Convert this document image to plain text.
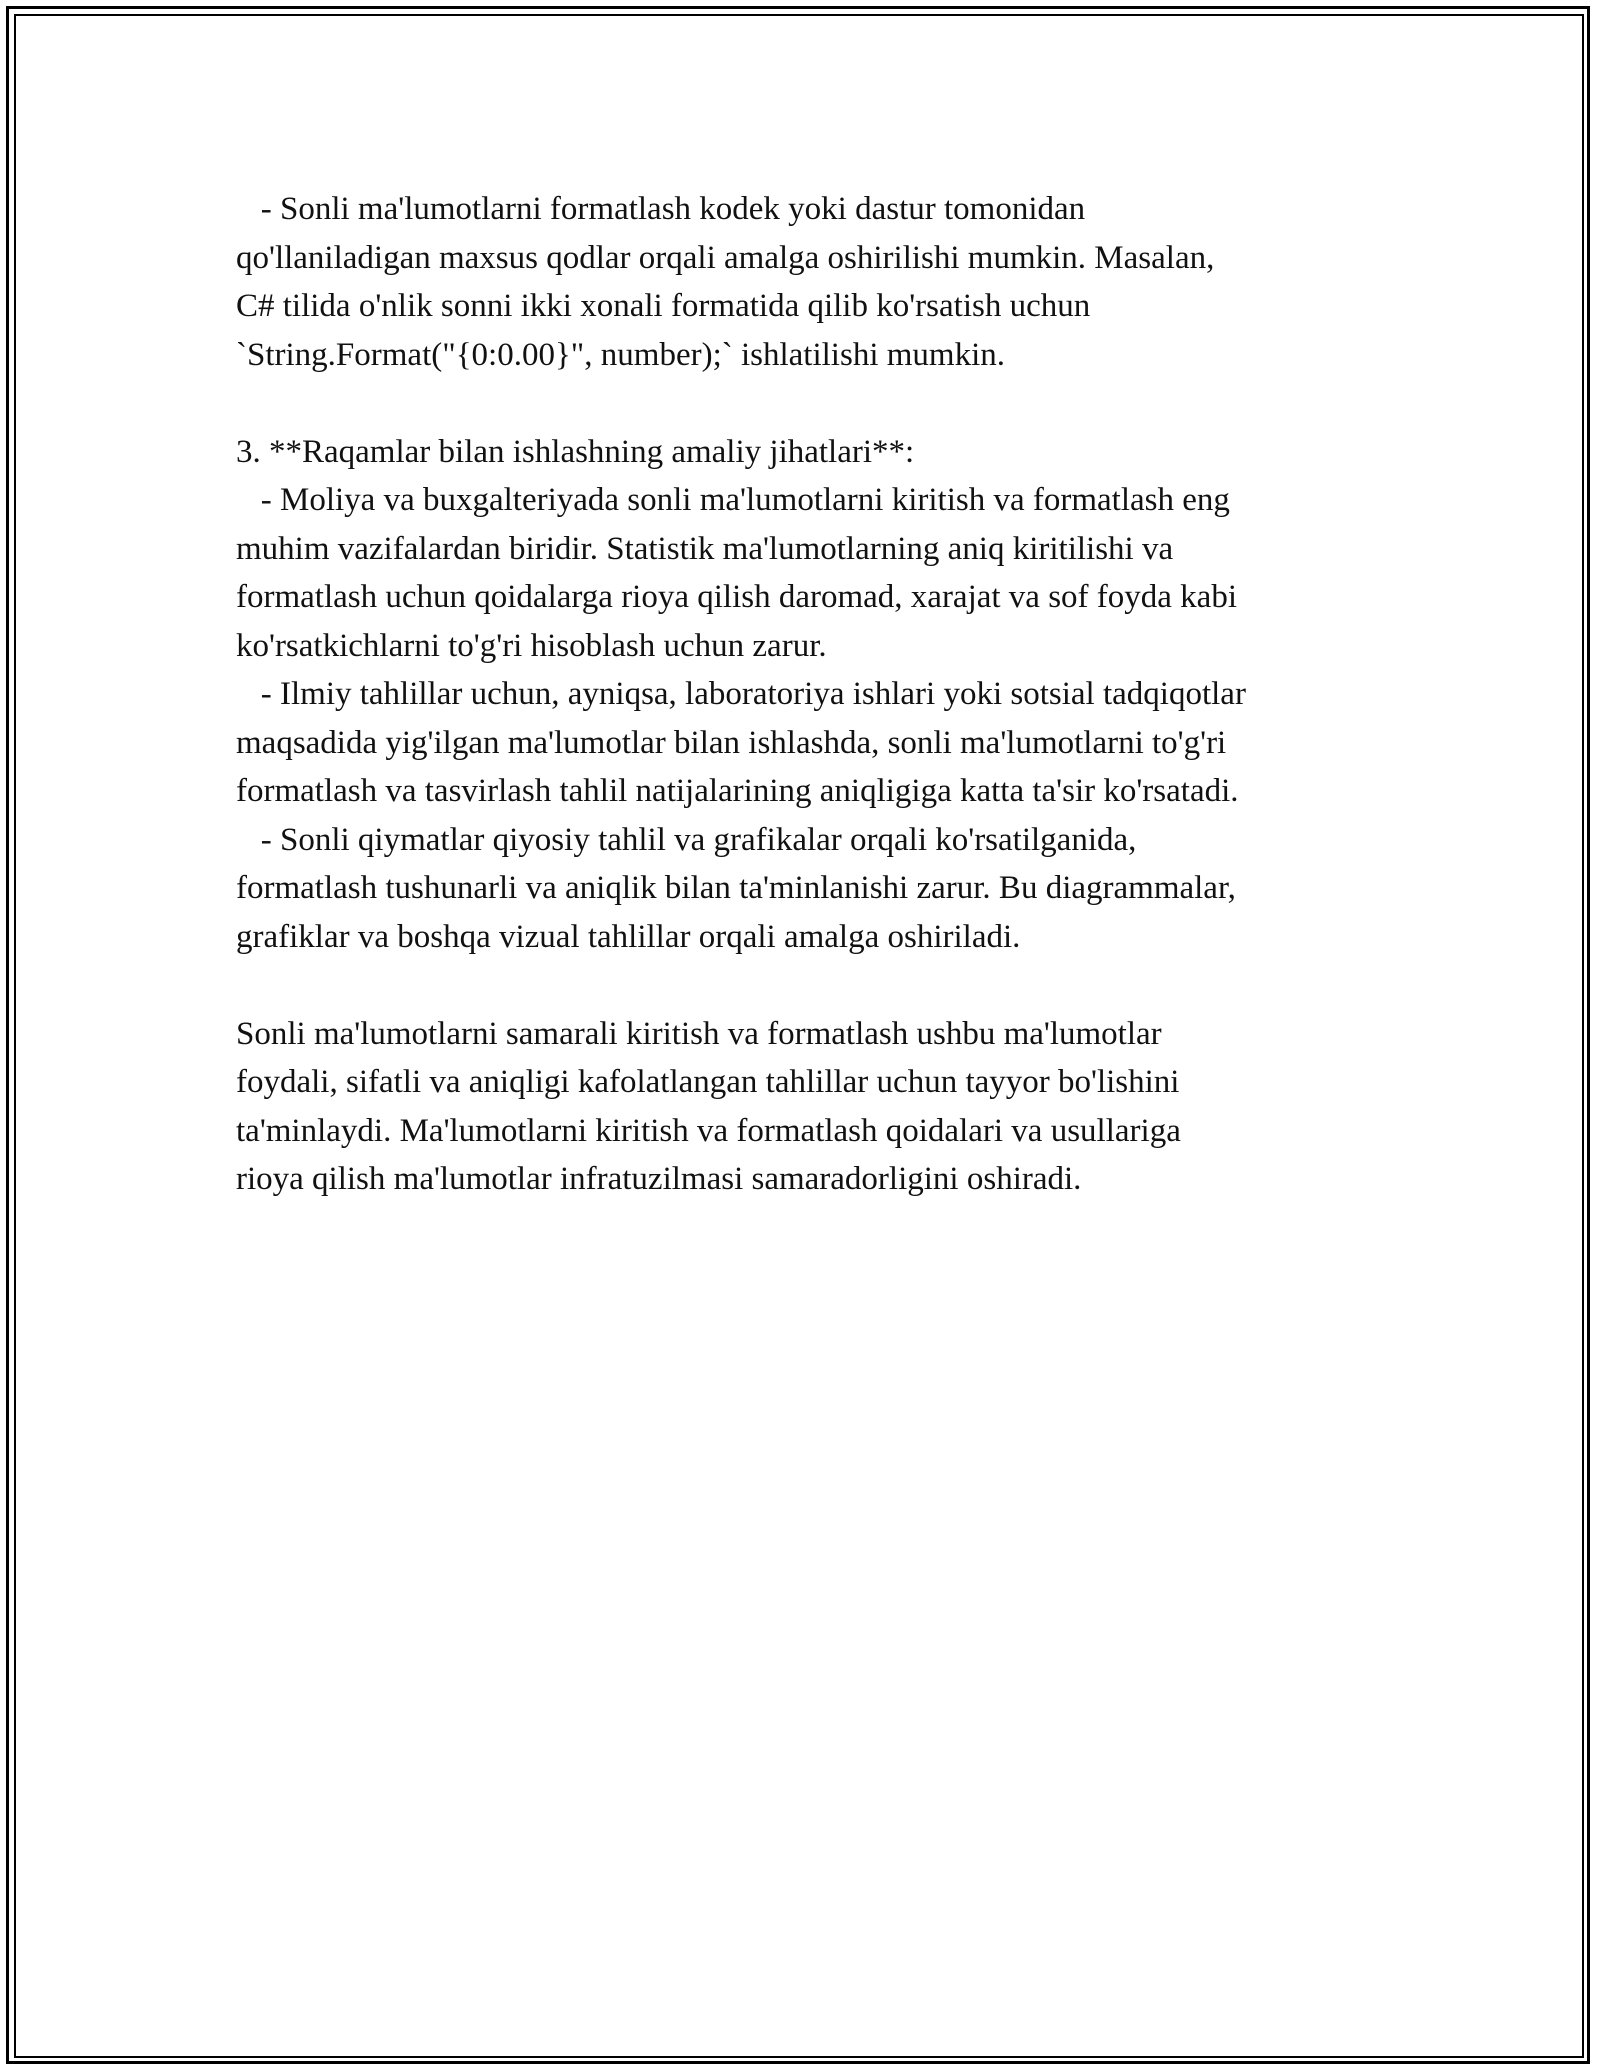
- Sonli ma'lumotlarni formatlash kodek yoki dastur tomonidan
qo'llaniladigan maxsus qodlar orqali amalga oshirilishi mumkin. Masalan,
C# tilida o'nlik sonni ikki xonali formatida qilib ko'rsatish uchun
`String.Format("{0:0.00}", number);` ishlatilishi mumkin.
3. **Raqamlar bilan ishlashning amaliy jihatlari**:
- Moliya va buxgalteriyada sonli ma'lumotlarni kiritish va formatlash eng
muhim vazifalardan biridir. Statistik ma'lumotlarning aniq kiritilishi va
formatlash uchun qoidalarga rioya qilish daromad, xarajat va sof foyda kabi
ko'rsatkichlarni to'g'ri hisoblash uchun zarur.
- Ilmiy tahlillar uchun, ayniqsa, laboratoriya ishlari yoki sotsial tadqiqotlar
maqsadida yig'ilgan ma'lumotlar bilan ishlashda, sonli ma'lumotlarni to'g'ri
formatlash va tasvirlash tahlil natijalarining aniqligiga katta ta'sir ko'rsatadi.
- Sonli qiymatlar qiyosiy tahlil va grafikalar orqali ko'rsatilganida,
formatlash tushunarli va aniqlik bilan ta'minlanishi zarur. Bu diagrammalar,
grafiklar va boshqa vizual tahlillar orqali amalga oshiriladi.
Sonli ma'lumotlarni samarali kiritish va formatlash ushbu ma'lumotlar
foydali, sifatli va aniqligi kafolatlangan tahlillar uchun tayyor bo'lishini
ta'minlaydi. Ma'lumotlarni kiritish va formatlash qoidalari va usullariga
rioya qilish ma'lumotlar infratuzilmasi samaradorligini oshiradi.
